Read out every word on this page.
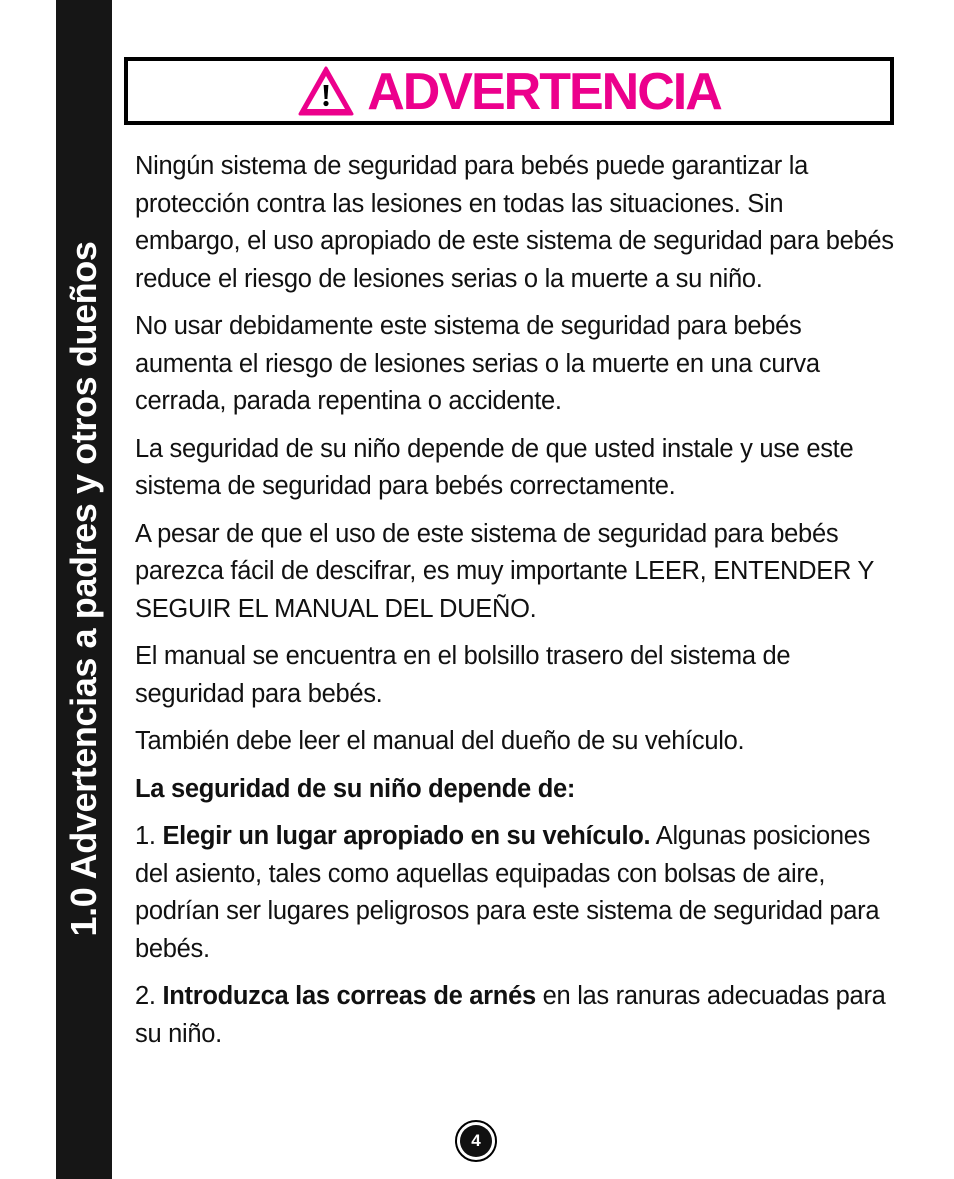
1.0 Advertencias a padres y otros dueños
ADVERTENCIA

Ningún sistema de seguridad para bebés puede garantizar la protección contra las lesiones en todas las situaciones. Sin embargo, el uso apropiado de este sistema de seguridad para bebés reduce el riesgo de lesiones serias o la muerte a su niño.

No usar debidamente este sistema de seguridad para bebés aumenta el riesgo de lesiones serias o la muerte en una curva cerrada, parada repentina o accidente.

La seguridad de su niño depende de que usted instale y use este sistema de seguridad para bebés correctamente.

A pesar de que el uso de este sistema de seguridad para bebés parezca fácil de descifrar, es muy importante LEER, ENTENDER Y SEGUIR EL MANUAL DEL DUEÑO.

El manual se encuentra en el bolsillo trasero del sistema de seguridad para bebés.

También debe leer el manual del dueño de su vehículo.

La seguridad de su niño depende de:

1. Elegir un lugar apropiado en su vehículo. Algunas posiciones del asiento, tales como aquellas equipadas con bolsas de aire, podrían ser lugares peligrosos para este sistema de seguridad para bebés.

2. Introduzca las correas de arnés en las ranuras adecuadas para su niño.

4
